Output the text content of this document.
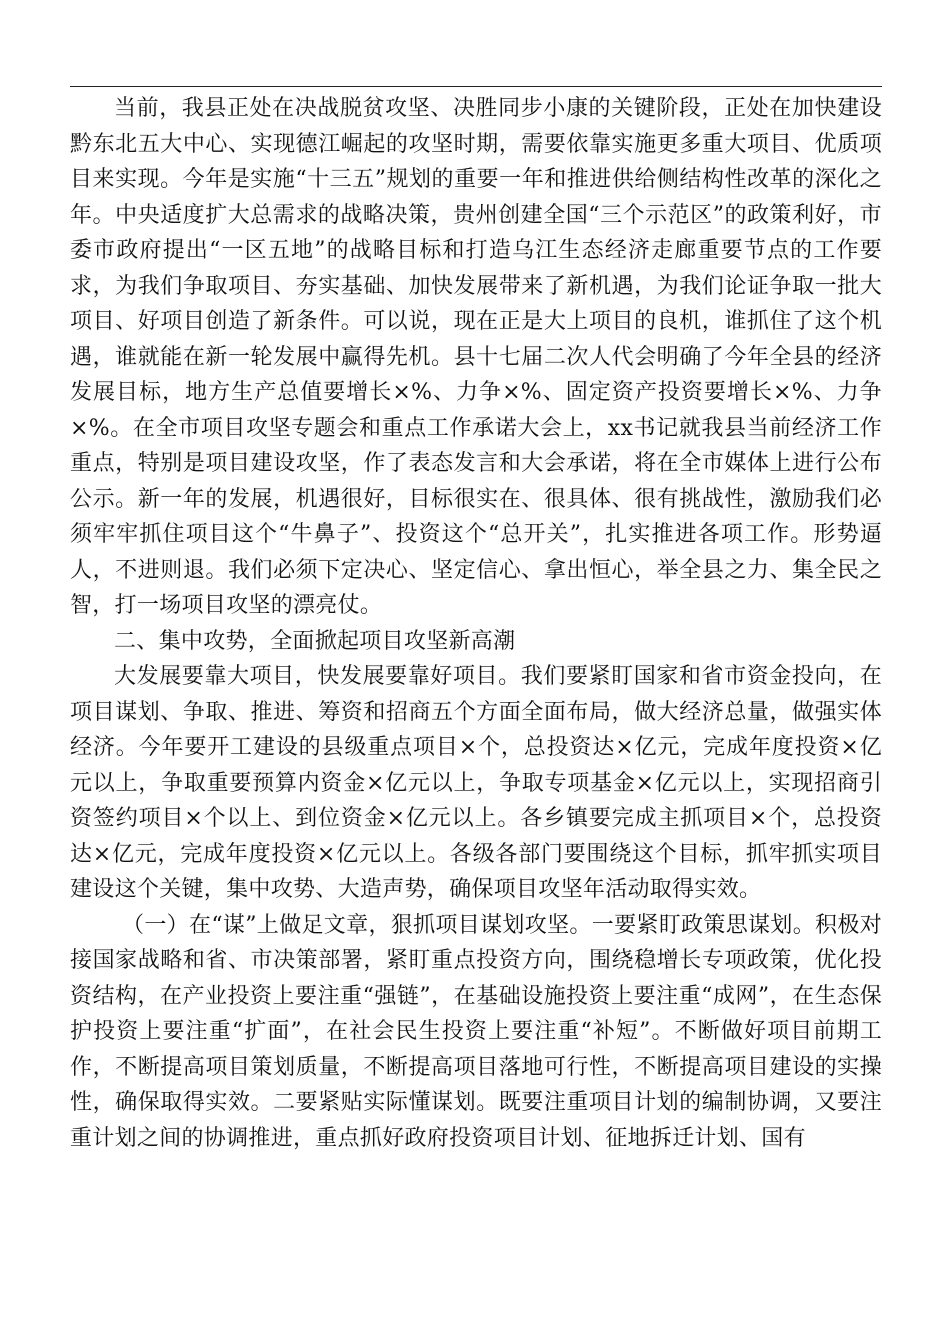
当前，我县正处在决战脱贫攻坚、决胜同步小康的关键阶段，正处在加快建设黔东北五大中心、实现德江崛起的攻坚时期，需要依靠实施更多重大项目、优质项目来实现。今年是实施“十三五”规划的重要一年和推进供给侧结构性改革的深化之年。中央适度扩大总需求的战略决策，贵州创建全国“三个示范区”的政策利好，市委市政府提出“一区五地”的战略目标和打造乌江生态经济走廊重要节点的工作要求，为我们争取项目、夯实基础、加快发展带来了新机遇，为我们论证争取一批大项目、好项目创造了新条件。可以说，现在正是大上项目的良机，谁抓住了这个机遇，谁就能在新一轮发展中赢得先机。县十七届二次人代会明确了今年全县的经济发展目标，地方生产总值要增长×%、力争×%、固定资产投资要增长×%、力争×%。在全市项目攻坚专题会和重点工作承诺大会上，xx书记就我县当前经济工作重点，特别是项目建设攻坚，作了表态发言和大会承诺，将在全市媒体上进行公布公示。新一年的发展，机遇很好，目标很实在、很具体、很有挑战性，激励我们必须牢牢抓住项目这个“牛鼻子”、投资这个“总开关”，扎实推进各项工作。形势逼人，不进则退。我们必须下定决心、坚定信心、拿出恒心，举全县之力、集全民之智，打一场项目攻坚的漂亮仗。

二、集中攻势，全面掀起项目攻坚新高潮

大发展要靠大项目，快发展要靠好项目。我们要紧盯国家和省市资金投向，在项目谋划、争取、推进、筹资和招商五个方面全面布局，做大经济总量，做强实体经济。今年要开工建设的县级重点项目×个，总投资达×亿元，完成年度投资×亿元以上，争取重要预算内资金×亿元以上，争取专项基金×亿元以上，实现招商引资签约项目×个以上、到位资金×亿元以上。各乡镇要完成主抓项目×个，总投资达×亿元，完成年度投资×亿元以上。各级各部门要围绕这个目标，抓牢抓实项目建设这个关键，集中攻势、大造声势，确保项目攻坚年活动取得实效。

（一）在“谋”上做足文章，狠抓项目谋划攻坚。一要紧盯政策思谋划。积极对接国家战略和省、市决策部署，紧盯重点投资方向，围绕稳增长专项政策，优化投资结构，在产业投资上要注重“强链”，在基础设施投资上要注重“成网”，在生态保护投资上要注重“扩面”，在社会民生投资上要注重“补短”。不断做好项目前期工作，不断提高项目策划质量，不断提高项目落地可行性，不断提高项目建设的实操性，确保取得实效。二要紧贴实际懂谋划。既要注重项目计划的编制协调，又要注重计划之间的协调推进，重点抓好政府投资项目计划、征地拆迁计划、国有
